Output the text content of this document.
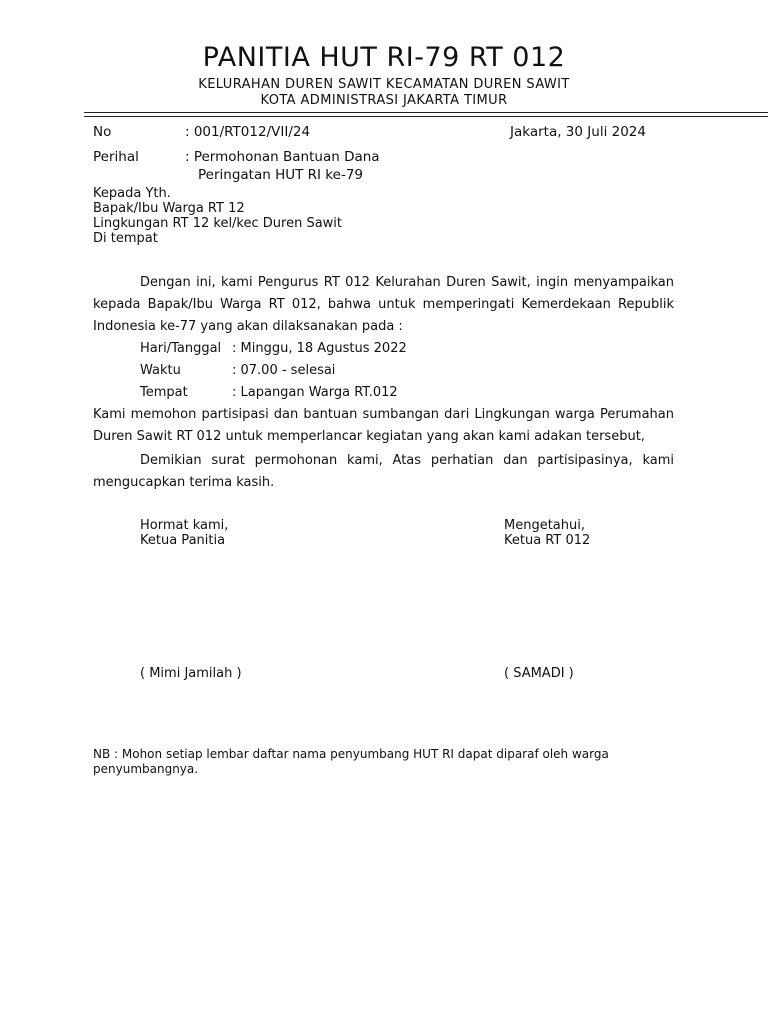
PANITIA HUT RI-79 RT 012
KELURAHAN DUREN SAWIT KECAMATAN DUREN SAWIT
KOTA ADMINISTRASI JAKARTA TIMUR
No	: 001/RT012/VII/24	Jakarta, 30 Juli 2024
Perihal	: Permohonan Bantuan Dana
Peringatan HUT RI ke-79
Kepada Yth.
Bapak/Ibu Warga RT 12
Lingkungan RT 12 kel/kec Duren Sawit
Di tempat
Dengan ini, kami Pengurus RT 012 Kelurahan Duren Sawit, ingin menyampaikan
kepada Bapak/Ibu Warga RT 012, bahwa untuk memperingati Kemerdekaan Republik
Indonesia ke-77 yang akan dilaksanakan pada :
Hari/Tanggal : Minggu, 18 Agustus 2022
Waktu	: 07.00 - selesai
Tempat	: Lapangan Warga RT.012
Kami memohon partisipasi dan bantuan sumbangan dari Lingkungan warga Perumahan
Duren Sawit RT 012 untuk memperlancar kegiatan yang akan kami adakan tersebut,
Demikian surat permohonan kami, Atas perhatian dan partisipasinya, kami
mengucapkan terima kasih.
Hormat kami,
Ketua Panitia
( Mimi Jamilah )
Mengetahui,
Ketua RT 012
( SAMADI )
NB : Mohon setiap lembar daftar nama penyumbang HUT RI dapat diparaf oleh warga
penyumbangnya.
